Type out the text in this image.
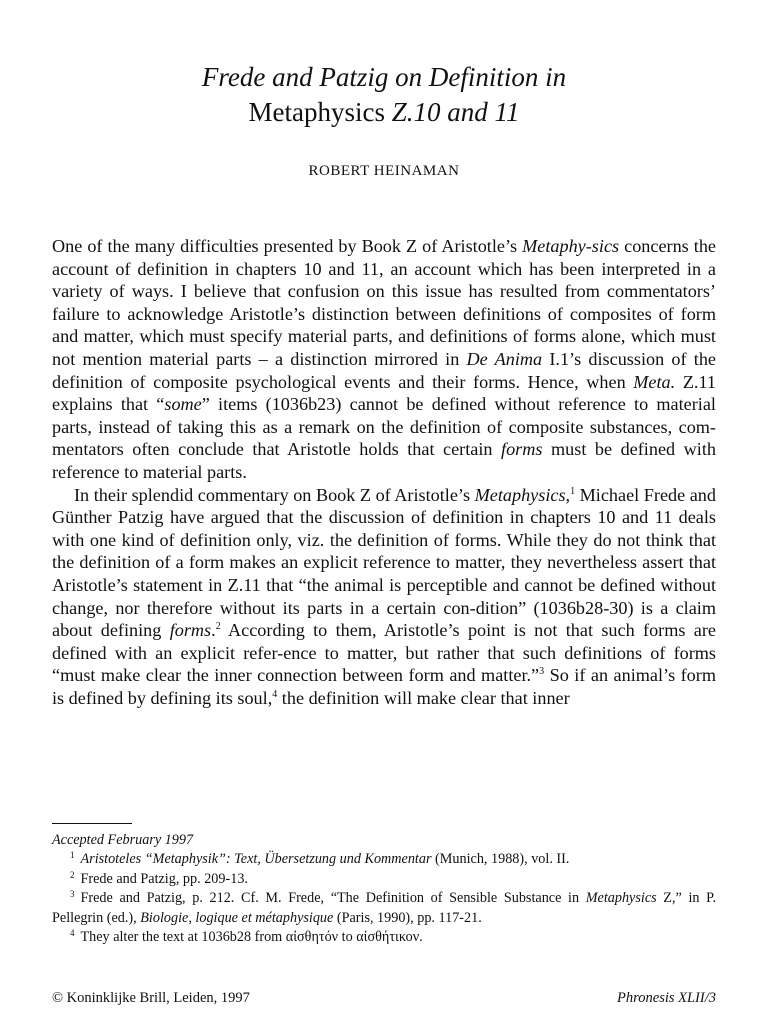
Frede and Patzig on Definition in
Metaphysics Z.10 and 11
ROBERT HEINAMAN

One of the many difficulties presented by Book Z of Aristotle’s Metaphy-sics concerns the account of definition in chapters 10 and 11, an account which has been interpreted in a variety of ways. I believe that confusion on this issue has resulted from commentators’ failure to acknowledge Aristotle’s distinction between definitions of composites of form and matter, which must specify material parts, and definitions of forms alone, which must not mention material parts – a distinction mirrored in De Anima I.1’s discussion of the definition of composite psychological events and their forms. Hence, when Meta. Z.11 explains that “some” items (1036b23) cannot be defined without reference to material parts, instead of taking this as a remark on the definition of composite substances, com-mentators often conclude that Aristotle holds that certain forms must be defined with reference to material parts.

In their splendid commentary on Book Z of Aristotle’s Metaphysics,$^1$ Michael Frede and Günther Patzig have argued that the discussion of definition in chapters 10 and 11 deals with one kind of definition only, viz. the definition of forms. While they do not think that the definition of a form makes an explicit reference to matter, they nevertheless assert that Aristotle’s statement in Z.11 that “the animal is perceptible and cannot be defined without change, nor therefore without its parts in a certain con-dition” (1036b28-30) is a claim about defining forms.$^2$ According to them, Aristotle’s point is not that such forms are defined with an explicit refer-ence to matter, but rather that such definitions of forms “must make clear the inner connection between form and matter.”$^3$ So if an animal’s form is defined by defining its soul,$^4$ the definition will make clear that inner

Accepted February 1997

$^1$ Aristoteles “Metaphysik”: Text, Übersetzung und Kommentar (Munich, 1988), vol. II.

$^2$ Frede and Patzig, pp. 209-13.

$^3$ Frede and Patzig, p. 212. Cf. M. Frede, “The Definition of Sensible Substance in Metaphysics Z,” in P. Pellegrin (ed.), Biologie, logique et métaphysique (Paris, 1990), pp. 117-21.

$^4$ They alter the text at 1036b28 from αἰσθητόν to αἰσθήτικον.

© Koninklijke Brill, Leiden, 1997	Phronesis XLII/3
